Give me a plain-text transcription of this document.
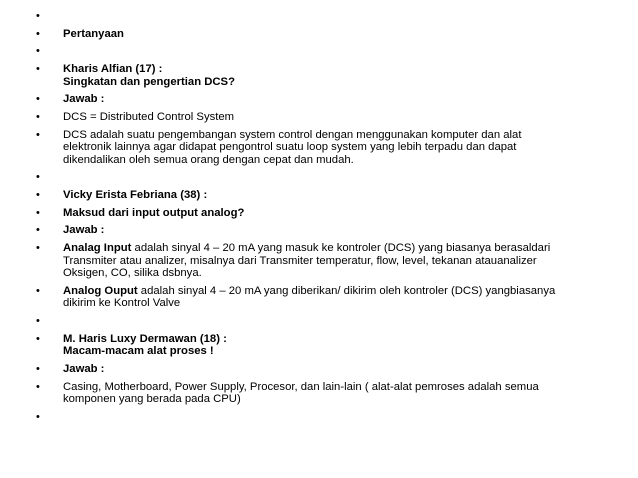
•
• Pertanyaan
•
• Kharis Alfian (17) :
Singkatan dan pengertian DCS?
• Jawab :
• DCS = Distributed Control System
• DCS adalah suatu pengembangan system control dengan menggunakan komputer dan alat
elektronik lainnya agar didapat pengontrol suatu loop system yang lebih terpadu dan dapat
dikendalikan oleh semua orang dengan cepat dan mudah.
•
• Vicky Erista Febriana (38) :
• Maksud dari input output analog?
• Jawab :
• Analag Input adalah sinyal 4 – 20 mA yang masuk ke kontroler (DCS) yang biasanya berasaldari
Transmiter atau analizer, misalnya dari Transmiter temperatur, flow, level, tekanan atauanalizer
Oksigen, CO, silika dsbnya.
• Analog Ouput adalah sinyal 4 – 20 mA yang diberikan/ dikirim oleh kontroler (DCS) yangbiasanya
dikirim ke Kontrol Valve
•
• M. Haris Luxy Dermawan (18) :
Macam-macam alat proses !
• Jawab :
• Casing, Motherboard, Power Supply, Procesor, dan lain-lain ( alat-alat pemroses adalah semua
komponen yang berada pada CPU)
•
